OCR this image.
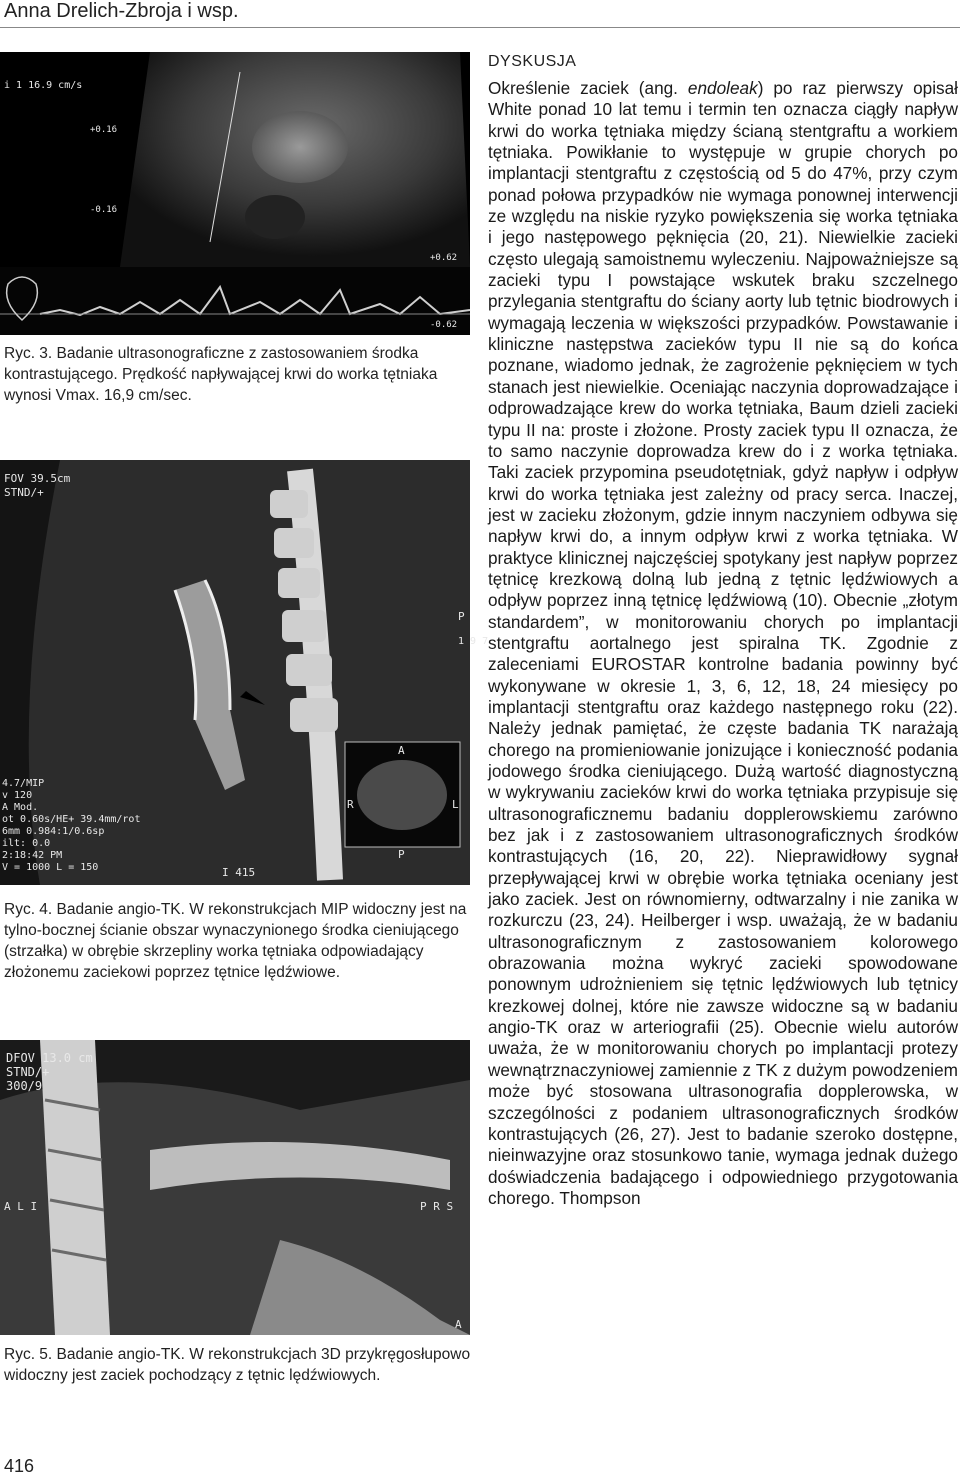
Anna Drelich-Zbroja i wsp.
i 1 16.9 cm/s
+0.16
-0.16
+0.62
-0.62

Ryc. 3. Badanie ultrasonograficzne z zastosowaniem środka kontrastującego. Prędkość napływającej krwi do worka tętniaka wynosi Vmax. 16,9 cm/sec.

FOV 39.5cm
STND/+
4.7/MIP
v 120
A Mod.
ot 0.60s/HE+ 39.4mm/rot
6mm 0.984:1/0.6sp
ilt: 0.0
2:18:42 PM
V = 1000 L = 150	I 415
P
1 9 7
A
R	L
P

Ryc. 4. Badanie angio-TK. W rekonstrukcjach MIP widoczny jest na tylno-bocznej ścianie obszar wynaczynionego środka cieniującego (strzałka) w obrębie skrzepliny worka tętniaka odpowiadający złożonemu zaciekowi poprzez tętnice lędźwiowe.

DFOV 13.0 cm
STND/+
300/9
A L I	P R S
A

Ryc. 5. Badanie angio-TK. W rekonstrukcjach 3D przykręgosłupowo widoczny jest zaciek pochodzący z tętnic lędźwiowych.

DYSKUSJA

Określenie zaciek (ang. endoleak) po raz pierwszy opisał White ponad 10 lat temu i termin ten oznacza ciągły napływ krwi do worka tętniaka między ścianą stentgraftu a workiem tętniaka. Powikłanie to występuje w grupie chorych po implantacji stentgraftu z częstością od 5 do 47%, przy czym ponad połowa przypadków nie wymaga ponownej interwencji ze względu na niskie ryzyko powiększenia się worka tętniaka i jego następowego pęknięcia (20, 21). Niewielkie zacieki często ulegają samoistnemu wyleczeniu. Najpoważniejsze są zacieki typu I powstające wskutek braku szczelnego przylegania stentgraftu do ściany aorty lub tętnic biodrowych i wymagają leczenia w większości przypadków. Powstawanie i kliniczne następstwa zacieków typu II nie są do końca poznane, wiadomo jednak, że zagrożenie pęknięciem w tych stanach jest niewielkie. Oceniając naczynia doprowadzające i odprowadzające krew do worka tętniaka, Baum dzieli zacieki typu II na: proste i złożone. Prosty zaciek typu II oznacza, że to samo naczynie doprowadza krew do i z worka tętniaka. Taki zaciek przypomina pseudotętniak, gdyż napływ i odpływ krwi do worka tętniaka jest zależny od pracy serca. Inaczej, jest w zacieku złożonym, gdzie innym naczyniem odbywa się napływ krwi do, a innym odpływ krwi z worka tętniaka. W praktyce klinicznej najczęściej spotykany jest napływ poprzez tętnicę krezkową dolną lub jedną z tętnic lędźwiowych a odpływ poprzez inną tętnicę lędźwiową (10). Obecnie „złotym standardem”, w monitorowaniu chorych po implantacji stentgraftu aortalnego jest spiralna TK. Zgodnie z zaleceniami EUROSTAR kontrolne badania powinny być wykonywane w okresie 1, 3, 6, 12, 18, 24 miesięcy po implantacji stentgraftu oraz każdego następnego roku (22). Należy jednak pamiętać, że częste badania TK narażają chorego na promieniowanie jonizujące i konieczność podania jodowego środka cieniującego. Dużą wartość diagnostyczną w wykrywaniu zacieków krwi do worka tętniaka przypisuje się ultrasonograficznemu badaniu dopplerowskiemu zarówno bez jak i z zastosowaniem ultrasonograficznych środków kontrastujących (16, 20, 22). Nieprawidłowy sygnał przepływającej krwi w obrębie worka tętniaka oceniany jest jako zaciek. Jest on równomierny, odtwarzalny i nie zanika w rozkurczu (23, 24). Heilberger i wsp. uważają, że w badaniu ultrasonograficznym z zastosowaniem kolorowego obrazowania można wykryć zacieki spowodowane ponownym udrożnieniem się tętnic lędźwiowych lub tętnicy krezkowej dolnej, które nie zawsze widoczne są w badaniu angio-TK oraz w arteriografii (25). Obecnie wielu autorów uważa, że w monitorowaniu chorych po implantacji protezy wewnątrznaczyniowej zamiennie z TK z dużym powodzeniem może być stosowana ultrasonografia dopplerowska, w szczególności z podaniem ultrasonograficznych środków kontrastujących (26, 27). Jest to badanie szeroko dostępne, nieinwazyjne oraz stosunkowo tanie, wymaga jednak dużego doświadczenia badającego i odpowiedniego przygotowania chorego. Thompson

416
